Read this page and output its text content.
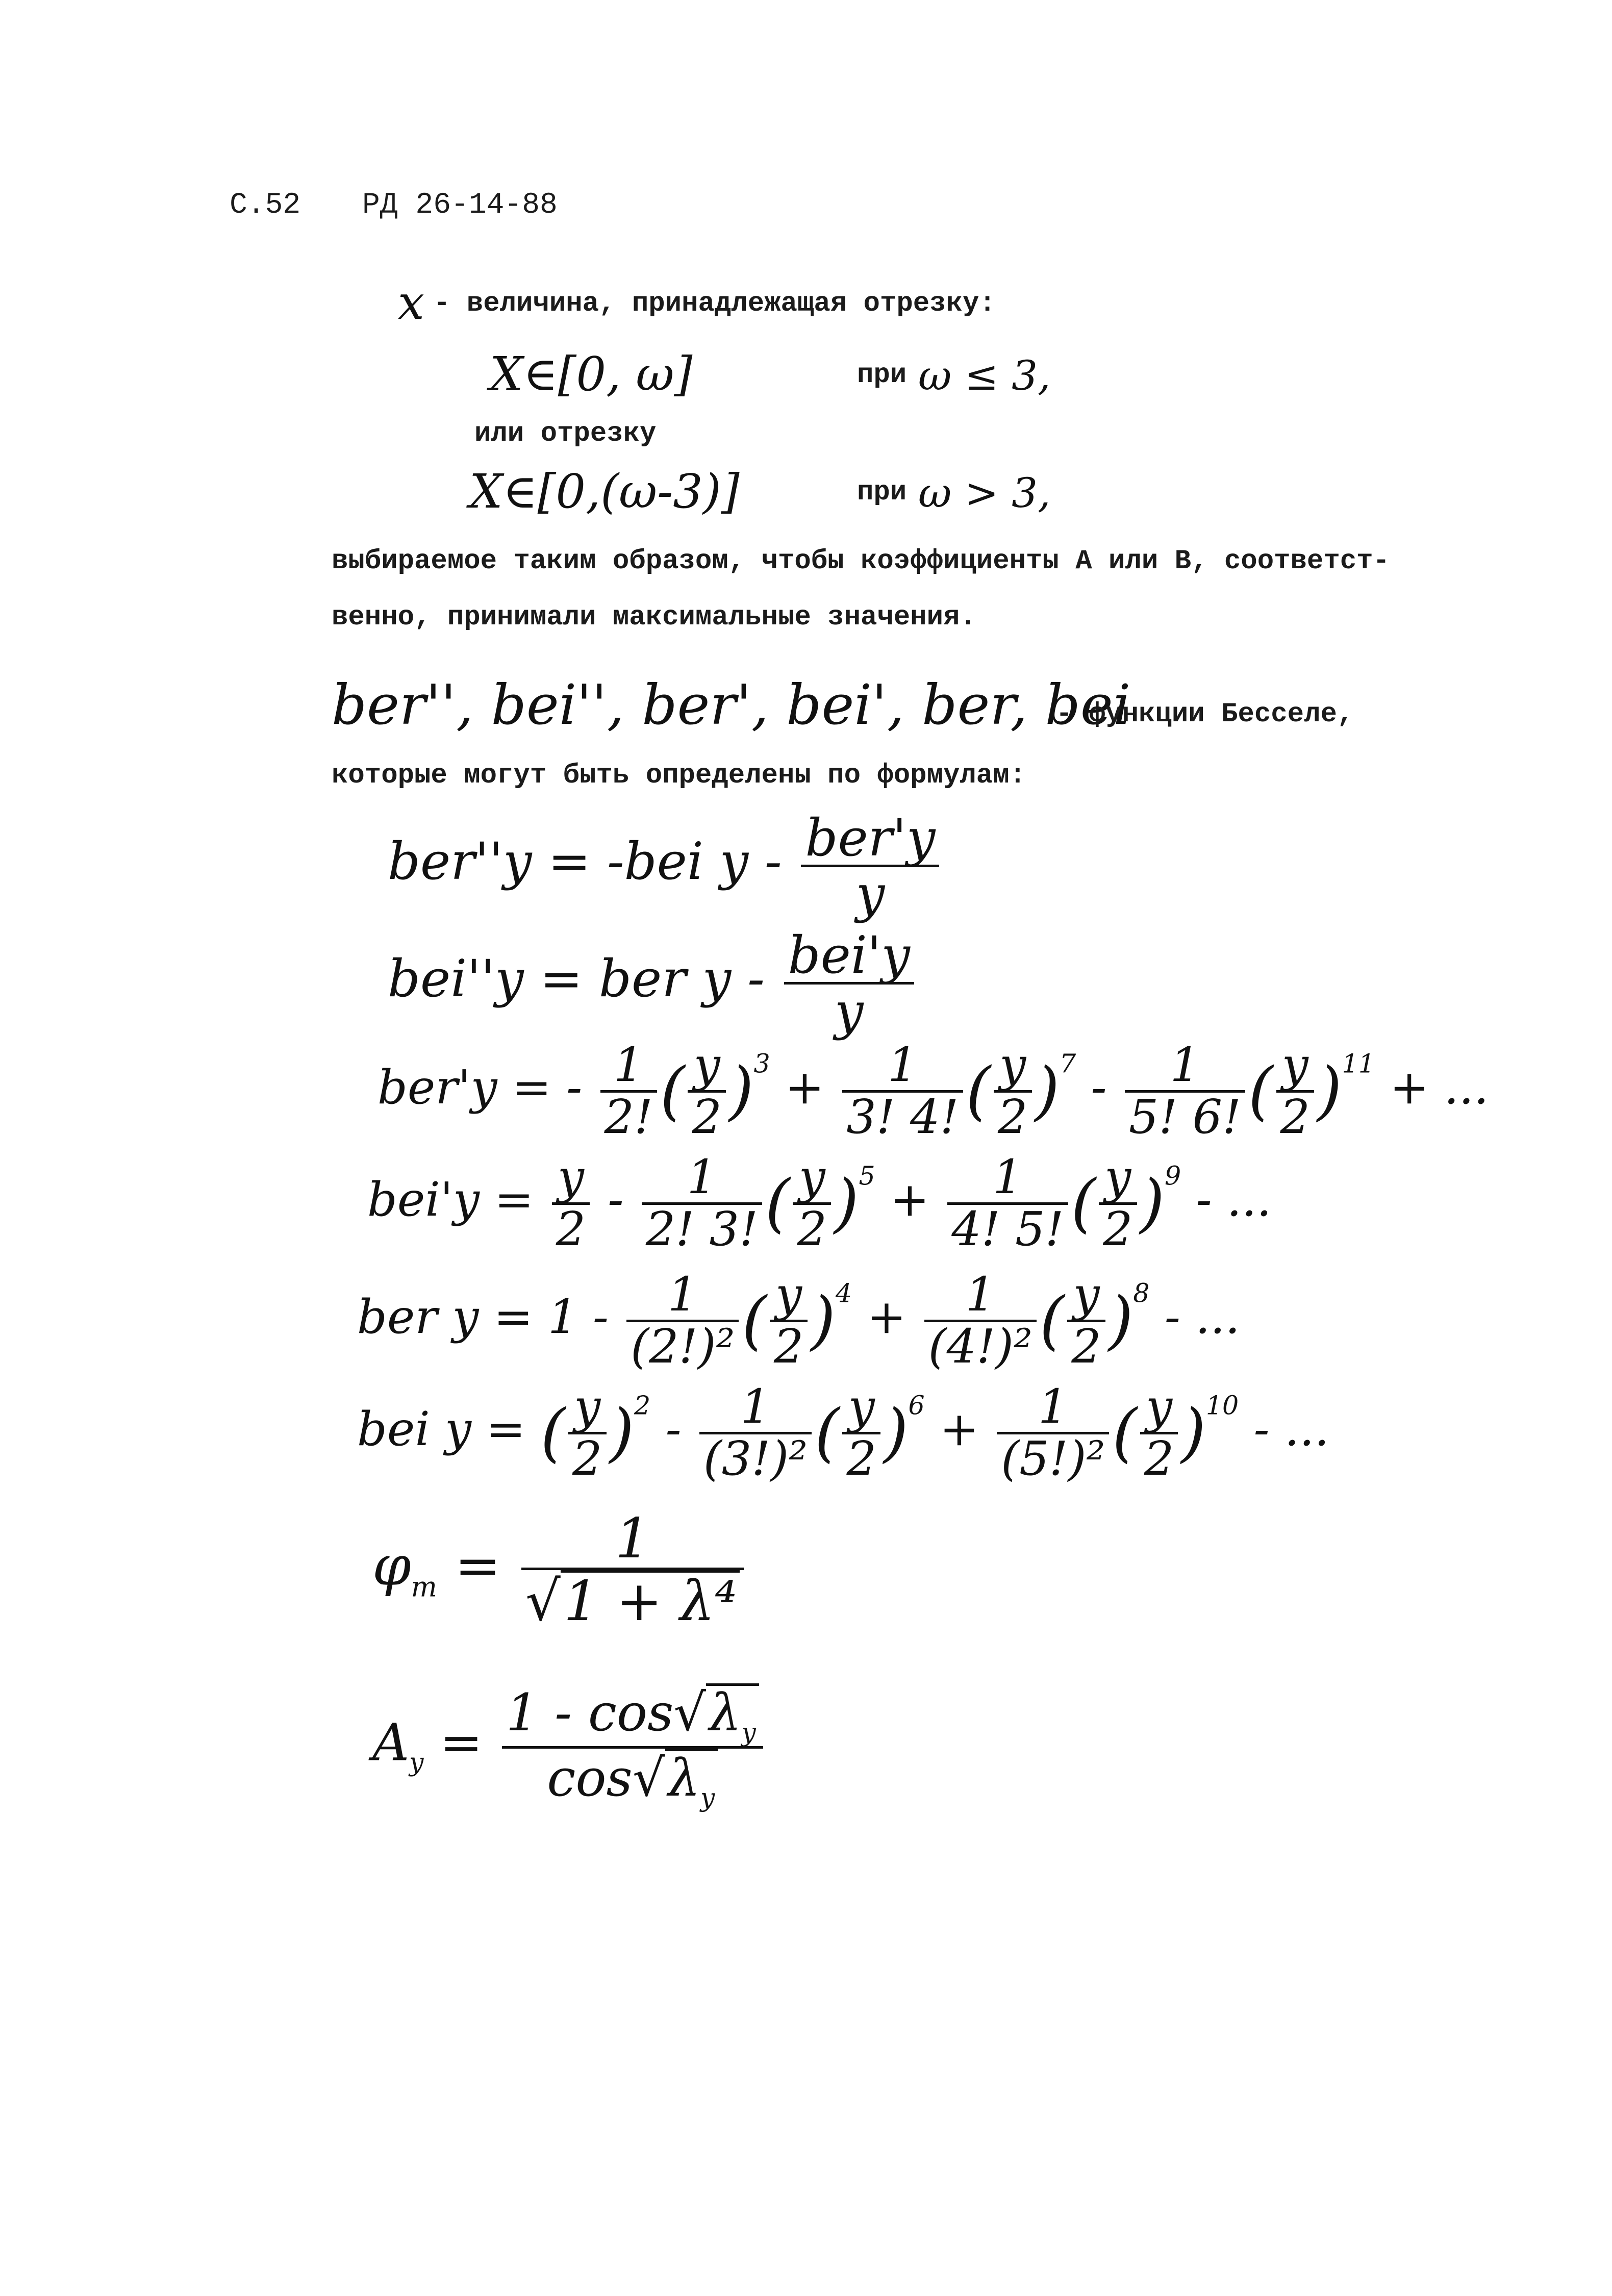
С.52 РД 26-14-88
x - величина, принадлежащая отрезку:
X∈[0, ω]	при ω ≤ 3,
или отрезку
X∈[0,(ω-3)]	при ω > 3,
выбираемое таким образом, чтобы коэффициенты A или B, соответст-
венно, принимали максимальные значения.
ber'', bei'', ber', bei', ber, bei
- функции Бесселе,
которые могут быть определены по формулам:
ber''y = -bei y - $\frac{\text{ber'y}}{y}$
bei''y = ber y - $\frac{\text{bei'y}}{y}$
ber'y = - $\frac{1}{2!}$ ( $\frac{y}{2} )^3 + \frac{1}{3! 4!}$ ( $\frac{y}{2} )^7 - \frac{1}{5! 6!}$ ( $\frac{y}{2} )^{11}$ + ...
$bei'y = \frac{y}{2} - \frac{1}{2! 3!}$ ( $\frac{y}{2} )^5 + \frac{1}{4! 5!}$ ( $\frac{y}{2} )^9$ - ...
ber $y = 1 - \frac{1}{\text{(2!)²}}$ ( $\frac{y}{2} )^4 + \frac{1}{\text{(4!)²}}$ ( $\frac{y}{2} )^8$ - ...
bei y = ( $\frac{y}{2} )^2 - \frac{1}{\text{(3!)²}}$ ( $\frac{y}{2} )^6 + \frac{1}{\text{(5!)²}}$ ( $\frac{y}{2} )^{10}$ - ...
$\varphi_т = \frac{1}{\text{√1 + λ⁴}}$
$A_y = \frac{1 - \cos√\lambda_y}{\cos√\lambda_y}$
